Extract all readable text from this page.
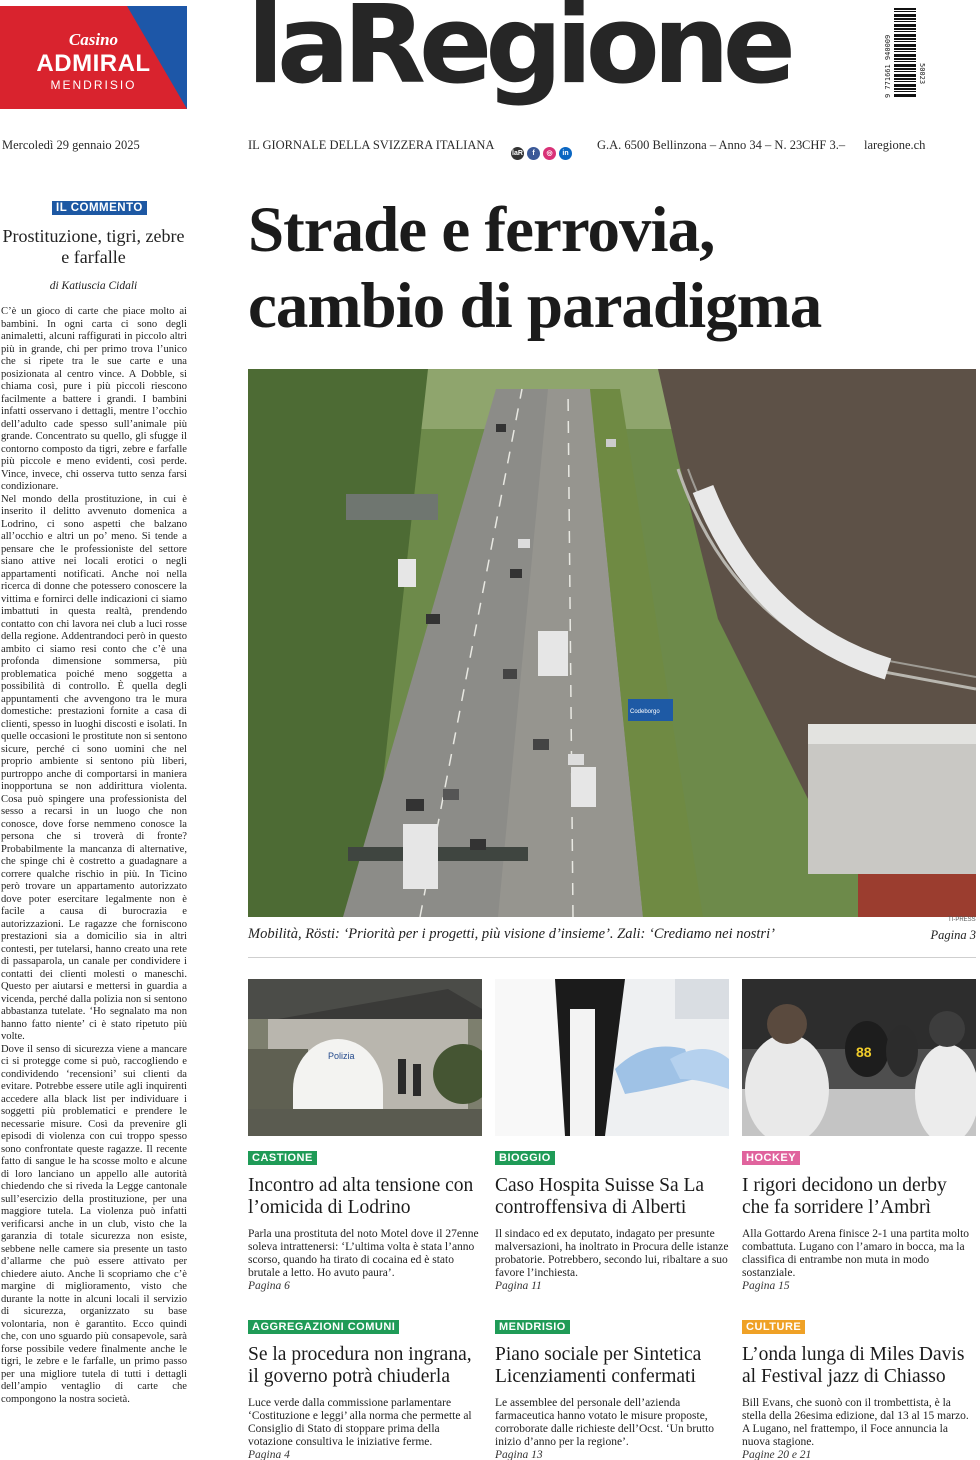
Casino
ADMIRAL
MENDRISIO	laRegione	9 771661 940009	50023
Mercoledì 29 gennaio 2025	IL GIORNALE DELLA SVIZZERA ITALIANA
laR	f	◎	in
G.A. 6500 Bellinzona – Anno 34 – N. 23 CHF 3.– laregione.ch
IL COMMENTO
Prostituzione, tigri, zebre e farfalle
di Katiuscia Cidali
C’è un gioco di carte che piace molto ai bambini. In ogni carta ci sono degli animaletti, alcuni raffigurati in piccolo altri più in grande, chi per primo trova l’unico che si ripete tra le sue carte e una posizionata al centro vince. A Dobble, si chiama così, pure i più piccoli riescono facilmente a battere i grandi. I bambini infatti osservano i dettagli, mentre l’occhio dell’adulto cade spesso sull’animale più grande. Concentrato su quello, gli sfugge il contorno composto da tigri, zebre e farfalle più piccole e meno evidenti, così perde. Vince, invece, chi osserva tutto senza farsi condizionare.
Nel mondo della prostituzione, in cui è inserito il delitto avvenuto domenica a Lodrino, ci sono aspetti che balzano all’occhio e altri un po’ meno. Si tende a pensare che le professioniste del settore siano attive nei locali erotici o negli appartamenti notificati. Anche noi nella ricerca di donne che potessero conoscere la vittima e fornirci delle indicazioni ci siamo imbattuti in questa realtà, prendendo contatto con chi lavora nei club a luci rosse della regione. Addentrandoci però in questo ambito ci siamo resi conto che c’è una profonda dimensione sommersa, più problematica poiché meno soggetta a possibilità di controllo. È quella degli appuntamenti che avvengono tra le mura domestiche: prestazioni fornite a casa di clienti, spesso in luoghi discosti e isolati. In quelle occasioni le prostitute non si sentono sicure, perché ci sono uomini che nel proprio ambiente si sentono più liberi, purtroppo anche di comportarsi in maniera inopportuna se non addirittura violenta. Cosa può spingere una professionista del sesso a recarsi in un luogo che non conosce, dove forse nemmeno conosce la persona che si troverà di fronte? Probabilmente la mancanza di alternative, che spinge chi è costretto a guadagnare a correre qualche rischio in più. In Ticino però trovare un appartamento autorizzato dove poter esercitare legalmente non è facile a causa di burocrazia e autorizzazioni. Le ragazze che forniscono prestazioni sia a domicilio sia in altri contesti, per tutelarsi, hanno creato una rete di passaparola, un canale per condividere i contatti dei clienti molesti o maneschi. Questo per aiutarsi e mettersi in guardia a vicenda, perché dalla polizia non si sentono abbastanza tutelate. ‘Ho segnalato ma non hanno fatto niente’ ci è stato ripetuto più volte.
Dove il senso di sicurezza viene a mancare ci si protegge come si può, raccogliendo e condividendo ‘recensioni’ sui clienti da evitare. Potrebbe essere utile agli inquirenti accedere alla black list per individuare i soggetti più problematici e prendere le necessarie misure. Così da prevenire gli episodi di violenza con cui troppo spesso sono confrontate queste ragazze. Il recente fatto di sangue le ha scosse molto e alcune di loro lanciano un appello alle autorità chiedendo che si riveda la Legge cantonale sull’esercizio della prostituzione, per una maggiore tutela. La violenza può infatti verificarsi anche in un club, visto che la garanzia di totale sicurezza non esiste, sebbene nelle camere sia presente un tasto d’allarme che può essere attivato per chiedere aiuto. Anche lì scopriamo che c’è margine di miglioramento, visto che durante la notte in alcuni locali il servizio di sicurezza, organizzato su base volontaria, non è garantito. Ecco quindi che, con uno sguardo più consapevole, sarà forse possibile vedere finalmente anche le tigri, le zebre e le farfalle, un primo passo per una migliore tutela di tutti i dettagli dell’ampio ventaglio di carte che compongono la nostra società.
Strade e ferrovia,
cambio di paradigma
Codeborgo
TI-PRESS
Mobilità, Rösti: ‘Priorità per i progetti, più visione d’insieme’. Zali: ‘Crediamo nei nostri’	Pagina 3
Polizia	88
CASTIONE
Incontro ad alta tensione con l’omicida di Lodrino

Parla una prostituta del noto Motel dove il 27enne soleva intrattenersi: ‘L’ultima volta è stata l’anno scorso, quando ha tirato di cocaina ed è stato brutale a letto. Ho avuto paura’.
Pagina 6

BIOGGIO
Caso Hospita Suisse Sa La controffensiva di Alberti

Il sindaco ed ex deputato, indagato per presunte malversazioni, ha inoltrato in Procura delle istanze probatorie. Potrebbero, secondo lui, ribaltare a suo favore l’inchiesta.
Pagina 11

HOCKEY
I rigori decidono un derby che fa sorridere l’Ambrì

Alla Gottardo Arena finisce 2-1 una partita molto combattuta. Lugano con l’amaro in bocca, ma la classifica di entrambe non muta in modo sostanziale.
Pagina 15

AGGREGAZIONI COMUNI
Se la procedura non ingrana, il governo potrà chiuderla

Luce verde dalla commissione parlamentare ‘Costituzione e leggi’ alla norma che permette al Consiglio di Stato di stoppare prima della votazione consultiva le iniziative ferme.
Pagina 4

MENDRISIO
Piano sociale per Sintetica Licenziamenti confermati

Le assemblee del personale dell’azienda farmaceutica hanno votato le misure proposte, corroborate dalle richieste dell’Ocst. ‘Un brutto inizio d’anno per la regione’.
Pagina 13

CULTURE
L’onda lunga di Miles Davis al Festival jazz di Chiasso

Bill Evans, che suonò con il trombettista, è la stella della 26esima edizione, dal 13 al 15 marzo. A Lugano, nel frattempo, il Foce annuncia la nuova stagione.
Pagine 20 e 21
